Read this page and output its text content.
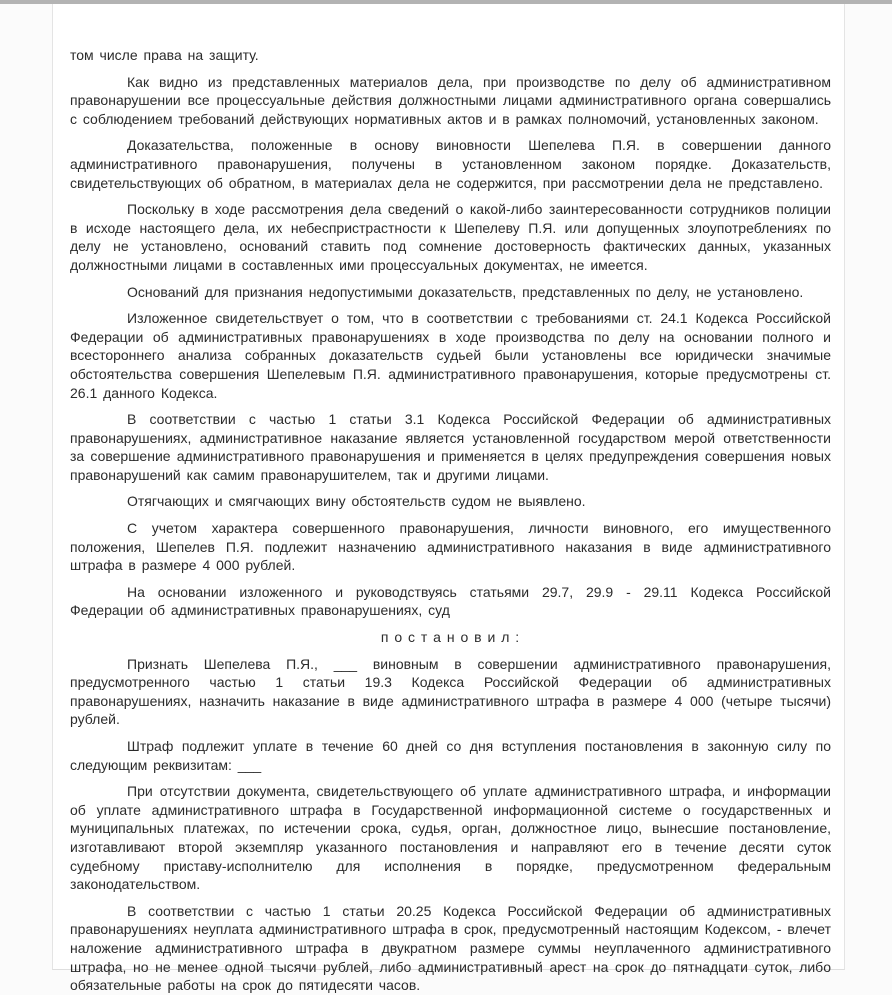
том числе права на защиту.

Как видно из представленных материалов дела, при производстве по делу об административном правонарушении все процессуальные действия должностными лицами административного органа совершались с соблюдением требований действующих нормативных актов и в рамках полномочий, установленных законом.

Доказательства, положенные в основу виновности Шепелева П.Я. в совершении данного административного правонарушения, получены в установленном законом порядке. Доказательств, свидетельствующих об обратном, в материалах дела не содержится, при рассмотрении дела не представлено.

Поскольку в ходе рассмотрения дела сведений о какой-либо заинтересованности сотрудников полиции в исходе настоящего дела, их небеспристрастности к Шепелеву П.Я. или допущенных злоупотреблениях по делу не установлено, оснований ставить под сомнение достоверность фактических данных, указанных должностными лицами в составленных ими процессуальных документах, не имеется.

Оснований для признания недопустимыми доказательств, представленных по делу, не установлено.

Изложенное свидетельствует о том, что в соответствии с требованиями ст. 24.1 Кодекса Российской Федерации об административных правонарушениях в ходе производства по делу на основании полного и всестороннего анализа собранных доказательств судьей были установлены все юридически значимые обстоятельства совершения Шепелевым П.Я. административного правонарушения, которые предусмотрены ст. 26.1 данного Кодекса.

В соответствии с частью 1 статьи 3.1 Кодекса Российской Федерации об административных правонарушениях, административное наказание является установленной государством мерой ответственности за совершение административного правонарушения и применяется в целях предупреждения совершения новых правонарушений как самим правонарушителем, так и другими лицами.

Отягчающих и смягчающих вину обстоятельств судом не выявлено.

С учетом характера совершенного правонарушения, личности виновного, его имущественного положения, Шепелев П.Я. подлежит назначению административного наказания в виде административного штрафа в размере 4 000 рублей.

На основании изложенного и руководствуясь статьями 29.7, 29.9 - 29.11 Кодекса Российской Федерации об административных правонарушениях, суд

п о с т а н о в и л :

Признать Шепелева П.Я., ___ виновным в совершении административного правонарушения, предусмотренного частью 1 статьи 19.3 Кодекса Российской Федерации об административных правонарушениях, назначить наказание в виде административного штрафа в размере 4 000 (четыре тысячи) рублей.

Штраф подлежит уплате в течение 60 дней со дня вступления постановления в законную силу по следующим реквизитам: ___

При отсутствии документа, свидетельствующего об уплате административного штрафа, и информации об уплате административного штрафа в Государственной информационной системе о государственных и муниципальных платежах, по истечении срока, судья, орган, должностное лицо, вынесшие постановление, изготавливают второй экземпляр указанного постановления и направляют его в течение десяти суток судебному приставу-исполнителю для исполнения в порядке, предусмотренном федеральным законодательством.

В соответствии с частью 1 статьи 20.25 Кодекса Российской Федерации об административных правонарушениях неуплата административного штрафа в срок, предусмотренный настоящим Кодексом, - влечет наложение административного штрафа в двукратном размере суммы неуплаченного административного штрафа, но не менее одной тысячи рублей, либо административный арест на срок до пятнадцати суток, либо обязательные работы на срок до пятидесяти часов.
